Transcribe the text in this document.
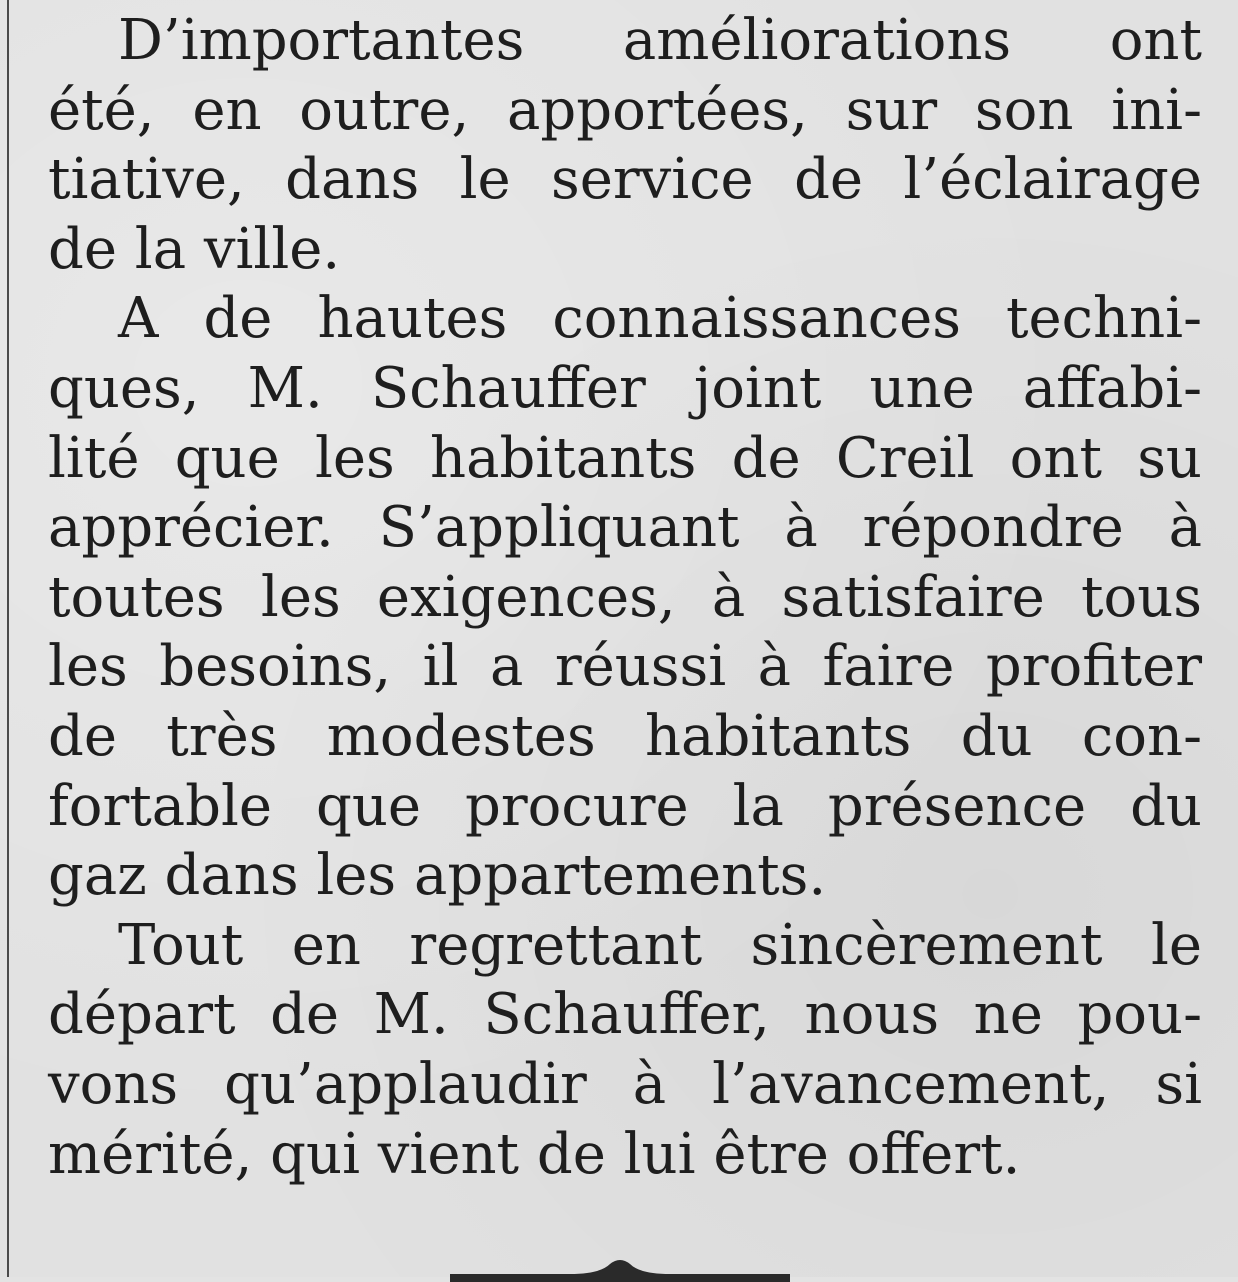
D’importantes améliorations ont
été, en outre, apportées, sur son ini-
tiative, dans le service de l’éclairage
de la ville.
A de hautes connaissances techni-
ques, M. Schauffer joint une affabi-
lité que les habitants de Creil ont su
apprécier. S’appliquant à répondre à
toutes les exigences, à satisfaire tous
les besoins, il a réussi à faire profiter
de très modestes habitants du con-
fortable que procure la présence du
gaz dans les appartements.
Tout en regrettant sincèrement le
départ de M. Schauffer, nous ne pou-
vons qu’applaudir à l’avancement, si
mérité, qui vient de lui être offert.
